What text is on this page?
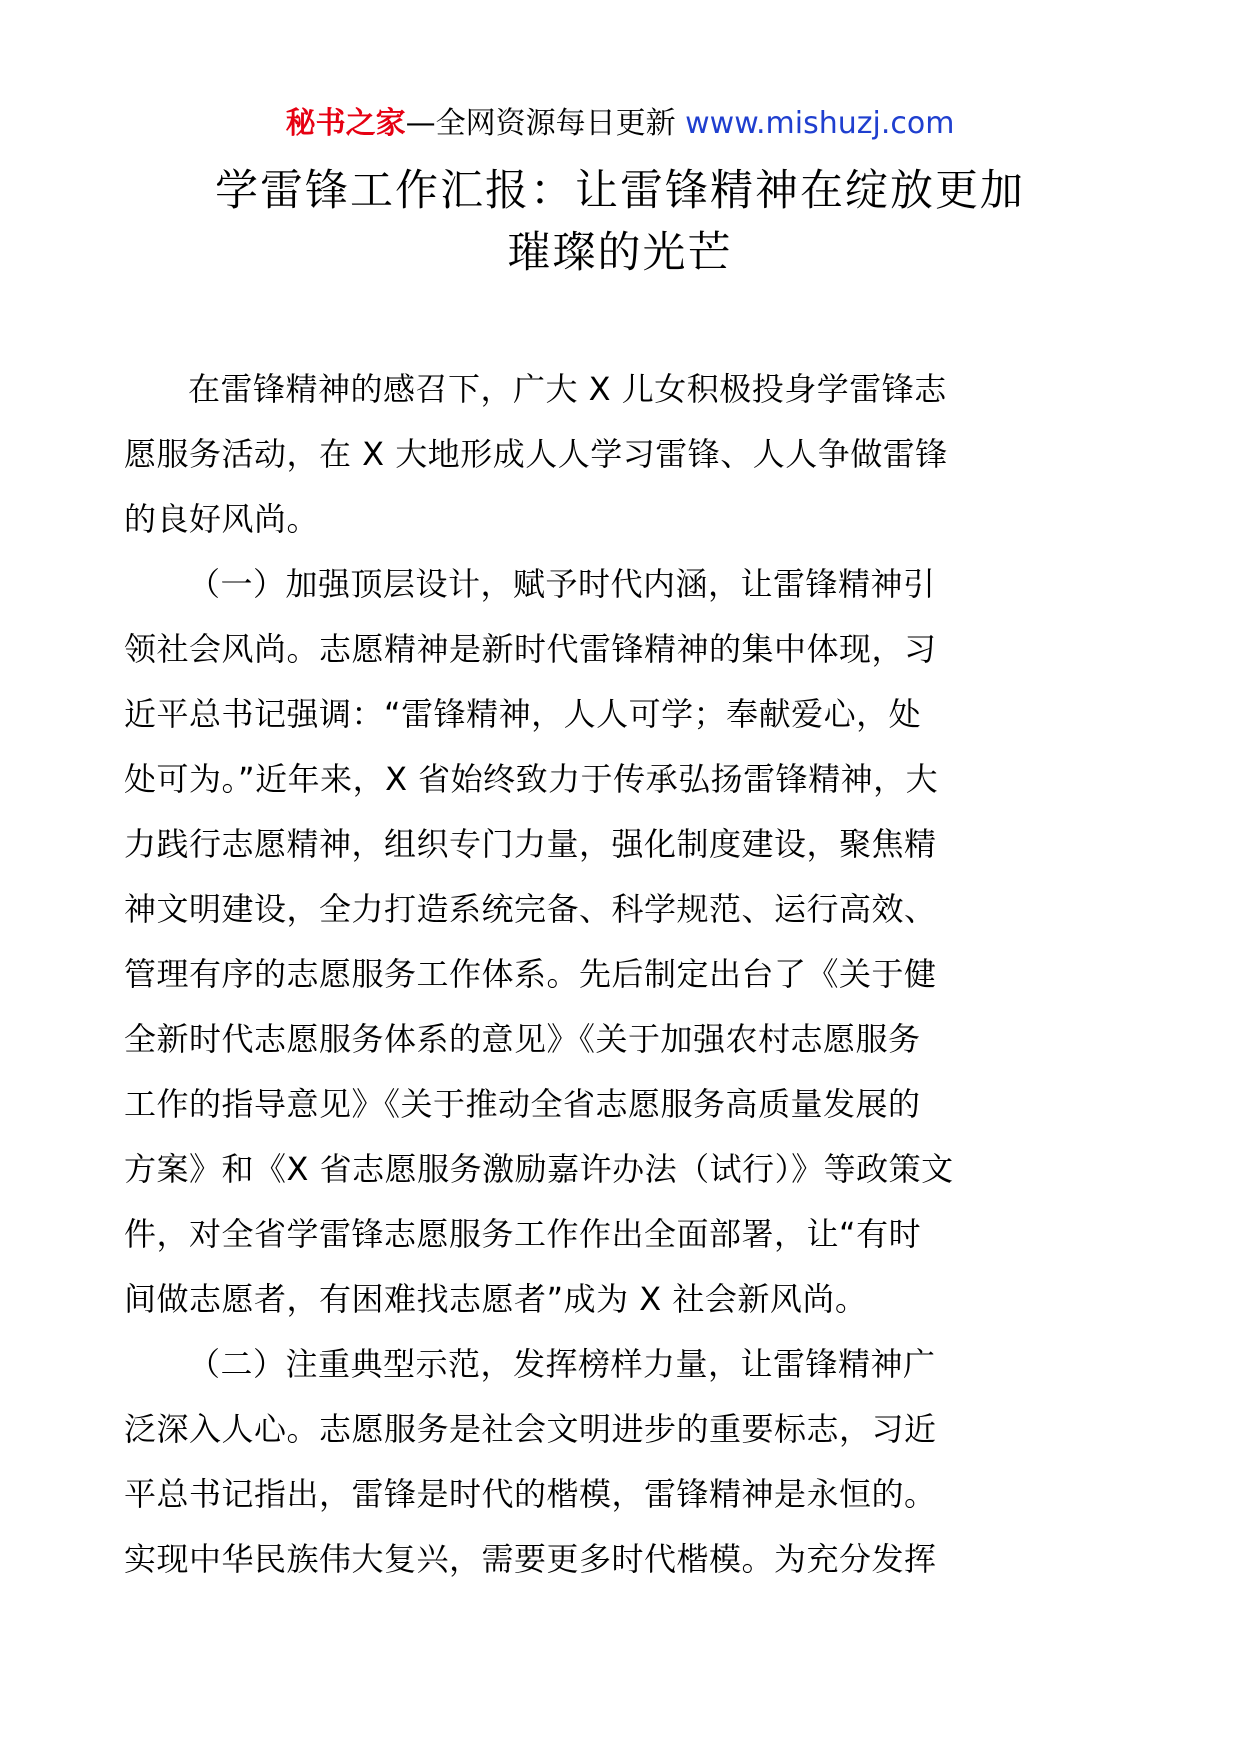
秘书之家—全网资源每日更新 www.mishuzj.com
学雷锋工作汇报：让雷锋精神在绽放更加
璀璨的光芒

在雷锋精神的感召下，广大 X 儿女积极投身学雷锋志
愿服务活动，在 X 大地形成人人学习雷锋、人人争做雷锋
的良好风尚。

（一）加强顶层设计，赋予时代内涵，让雷锋精神引
领社会风尚。志愿精神是新时代雷锋精神的集中体现，习
近平总书记强调：“雷锋精神，人人可学；奉献爱心，处
处可为。”近年来，X 省始终致力于传承弘扬雷锋精神，大
力践行志愿精神，组织专门力量，强化制度建设，聚焦精
神文明建设，全力打造系统完备、科学规范、运行高效、
管理有序的志愿服务工作体系。先后制定出台了《关于健
全新时代志愿服务体系的意见》《关于加强农村志愿服务
工作的指导意见》《关于推动全省志愿服务高质量发展的
方案》和《X 省志愿服务激励嘉许办法（试行）》等政策文
件，对全省学雷锋志愿服务工作作出全面部署，让“有时
间做志愿者，有困难找志愿者”成为 X 社会新风尚。

（二）注重典型示范，发挥榜样力量，让雷锋精神广
泛深入人心。志愿服务是社会文明进步的重要标志，习近
平总书记指出，雷锋是时代的楷模，雷锋精神是永恒的。
实现中华民族伟大复兴，需要更多时代楷模。为充分发挥
